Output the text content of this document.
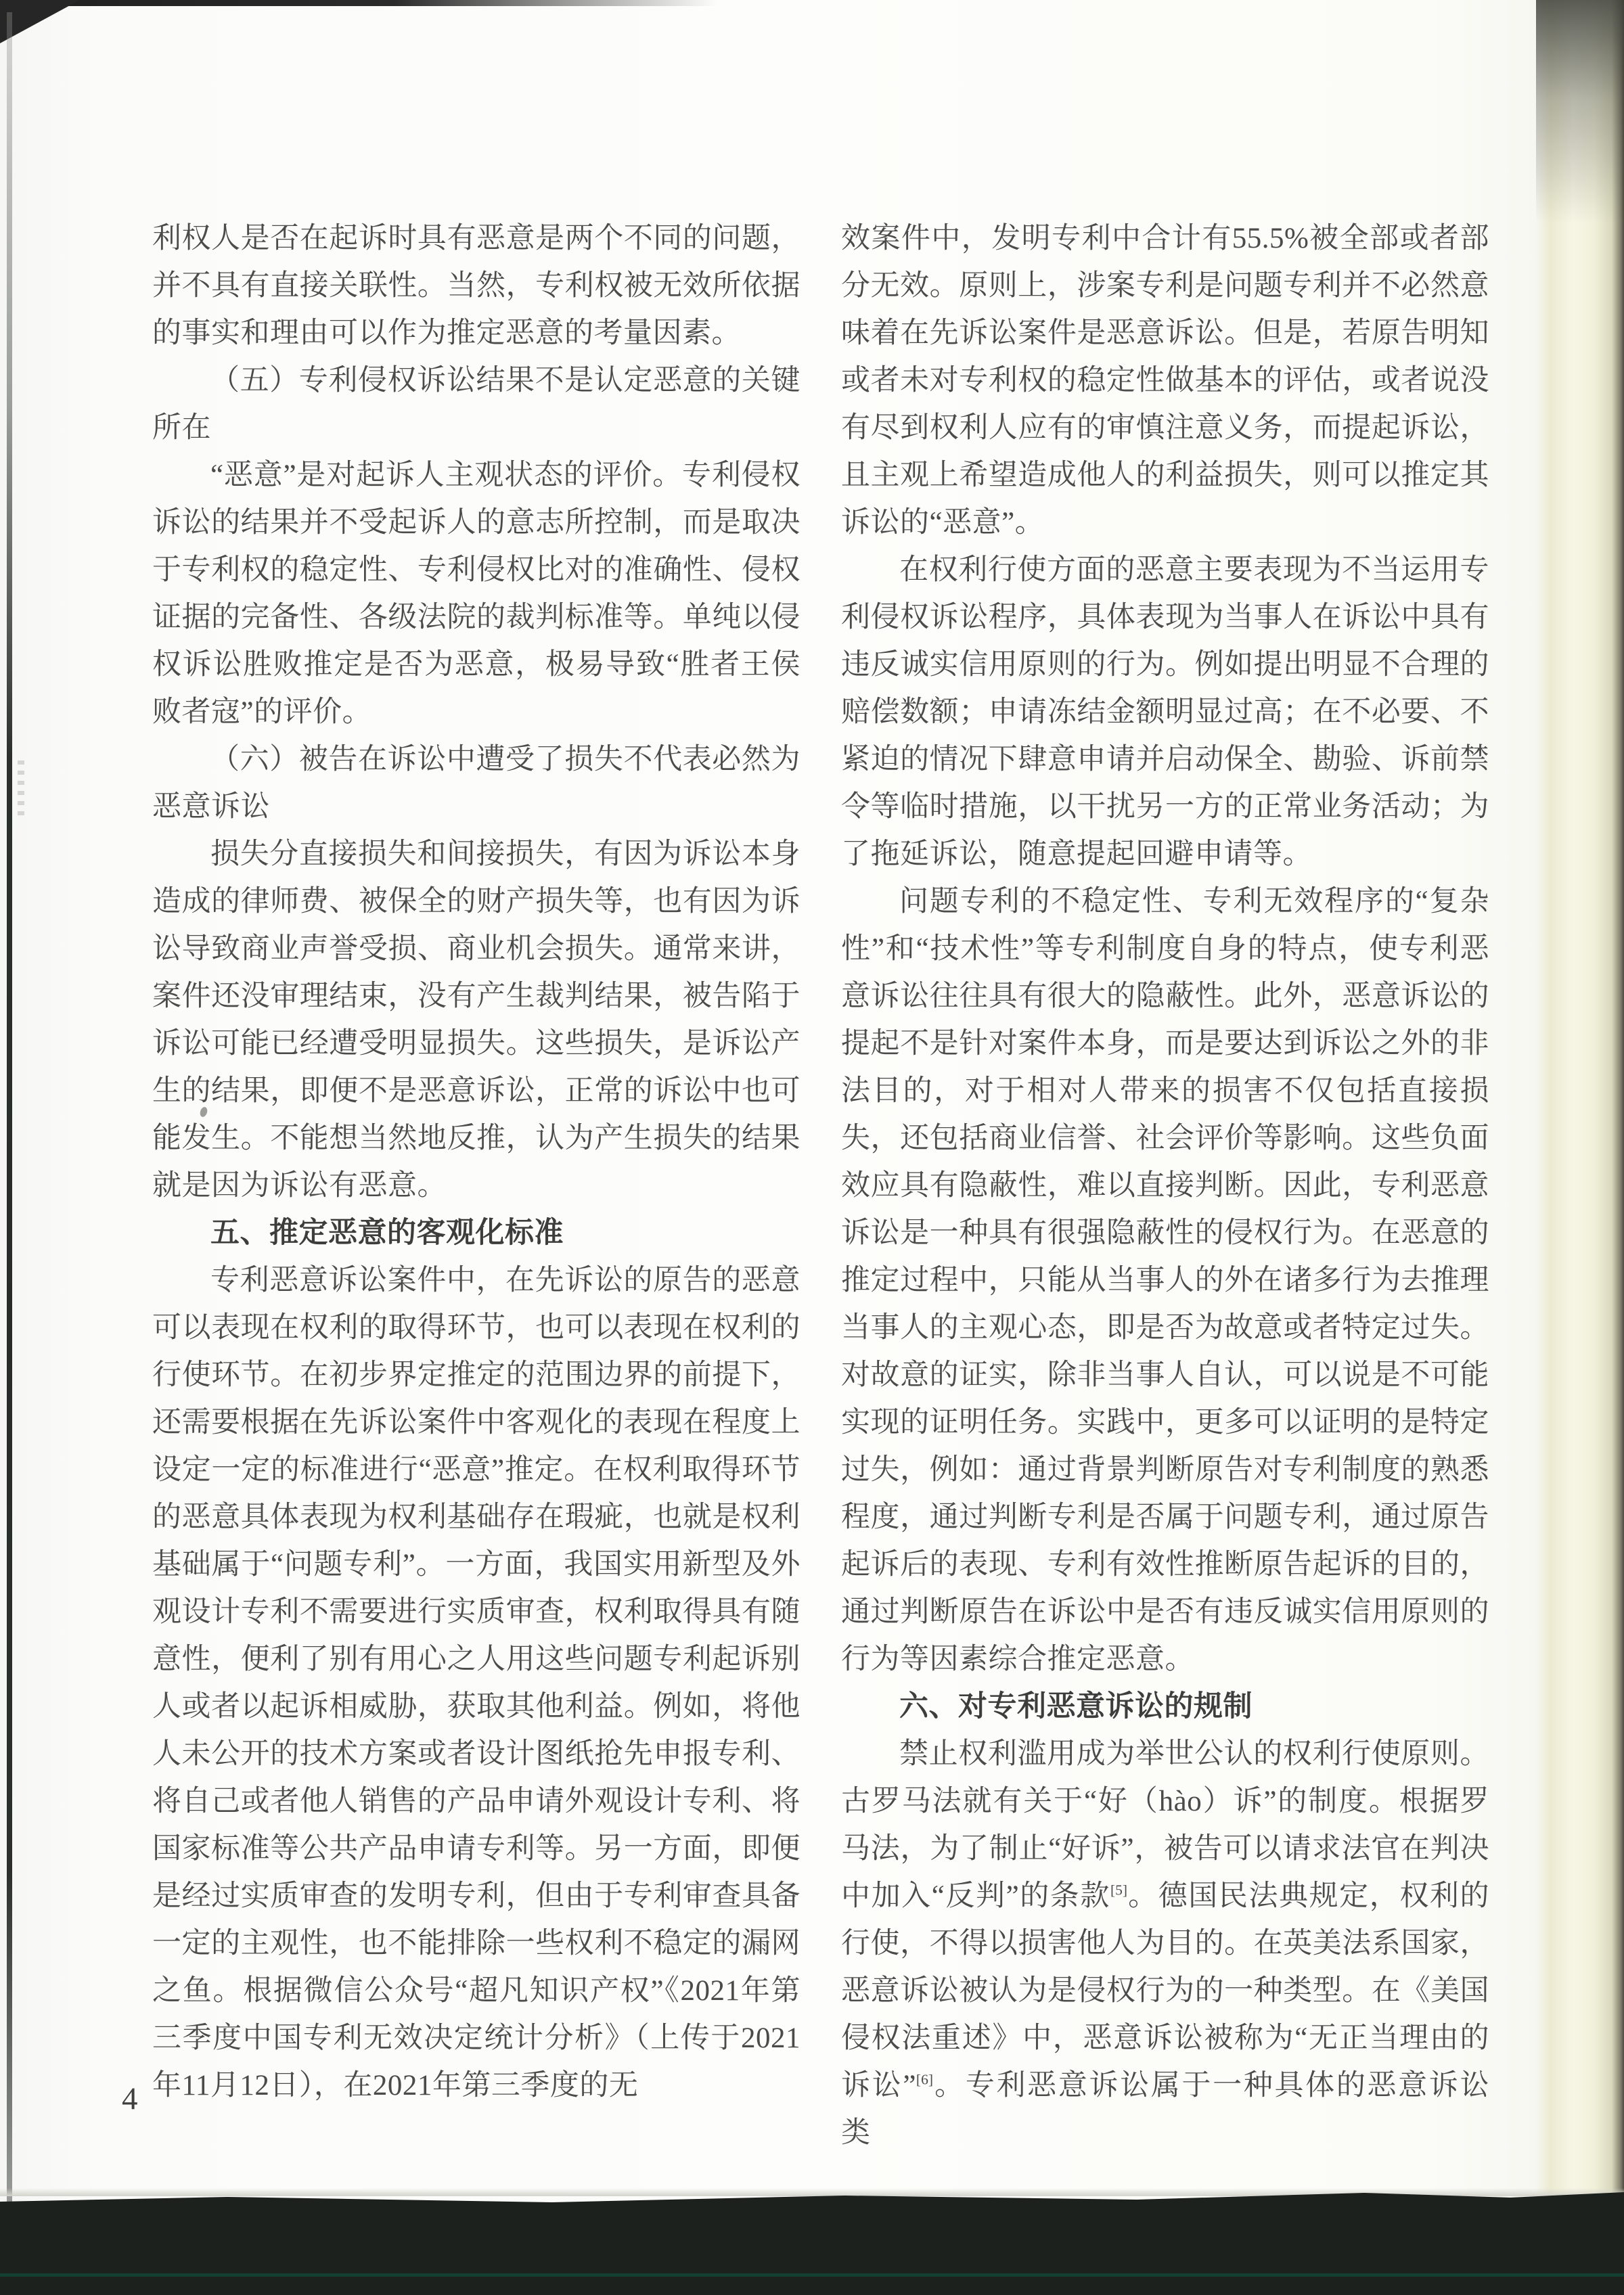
利权人是否在起诉时具有恶意是两个不同的问题，并不具有直接关联性。当然，专利权被无效所依据的事实和理由可以作为推定恶意的考量因素。

（五）专利侵权诉讼结果不是认定恶意的关键所在

“恶意”是对起诉人主观状态的评价。专利侵权诉讼的结果并不受起诉人的意志所控制，而是取决于专利权的稳定性、专利侵权比对的准确性、侵权证据的完备性、各级法院的裁判标准等。单纯以侵权诉讼胜败推定是否为恶意，极易导致“胜者王侯败者寇”的评价。

（六）被告在诉讼中遭受了损失不代表必然为恶意诉讼

损失分直接损失和间接损失，有因为诉讼本身造成的律师费、被保全的财产损失等，也有因为诉讼导致商业声誉受损、商业机会损失。通常来讲，案件还没审理结束，没有产生裁判结果，被告陷于诉讼可能已经遭受明显损失。这些损失，是诉讼产生的结果，即便不是恶意诉讼，正常的诉讼中也可能发生。不能想当然地反推，认为产生损失的结果就是因为诉讼有恶意。

五、推定恶意的客观化标准

专利恶意诉讼案件中，在先诉讼的原告的恶意可以表现在权利的取得环节，也可以表现在权利的行使环节。在初步界定推定的范围边界的前提下，还需要根据在先诉讼案件中客观化的表现在程度上设定一定的标准进行“恶意”推定。在权利取得环节的恶意具体表现为权利基础存在瑕疵，也就是权利基础属于“问题专利”。一方面，我国实用新型及外观设计专利不需要进行实质审查，权利取得具有随意性，便利了别有用心之人用这些问题专利起诉别人或者以起诉相威胁，获取其他利益。例如，将他人未公开的技术方案或者设计图纸抢先申报专利、将自己或者他人销售的产品申请外观设计专利、将国家标准等公共产品申请专利等。另一方面，即便是经过实质审查的发明专利，但由于专利审查具备一定的主观性，也不能排除一些权利不稳定的漏网之鱼。根据微信公众号“超凡知识产权”《2021年第三季度中国专利无效决定统计分析》（上传于2021年11月12日），在2021年第三季度的无

效案件中，发明专利中合计有55.5%被全部或者部分无效。原则上，涉案专利是问题专利并不必然意味着在先诉讼案件是恶意诉讼。但是，若原告明知或者未对专利权的稳定性做基本的评估，或者说没有尽到权利人应有的审慎注意义务，而提起诉讼，且主观上希望造成他人的利益损失，则可以推定其诉讼的“恶意”。

在权利行使方面的恶意主要表现为不当运用专利侵权诉讼程序，具体表现为当事人在诉讼中具有违反诚实信用原则的行为。例如提出明显不合理的赔偿数额；申请冻结金额明显过高；在不必要、不紧迫的情况下肆意申请并启动保全、勘验、诉前禁令等临时措施，以干扰另一方的正常业务活动；为了拖延诉讼，随意提起回避申请等。

问题专利的不稳定性、专利无效程序的“复杂性”和“技术性”等专利制度自身的特点，使专利恶意诉讼往往具有很大的隐蔽性。此外，恶意诉讼的提起不是针对案件本身，而是要达到诉讼之外的非法目的，对于相对人带来的损害不仅包括直接损失，还包括商业信誉、社会评价等影响。这些负面效应具有隐蔽性，难以直接判断。因此，专利恶意诉讼是一种具有很强隐蔽性的侵权行为。在恶意的推定过程中，只能从当事人的外在诸多行为去推理当事人的主观心态，即是否为故意或者特定过失。对故意的证实，除非当事人自认，可以说是不可能实现的证明任务。实践中，更多可以证明的是特定过失，例如：通过背景判断原告对专利制度的熟悉程度，通过判断专利是否属于问题专利，通过原告起诉后的表现、专利有效性推断原告起诉的目的，通过判断原告在诉讼中是否有违反诚实信用原则的行为等因素综合推定恶意。

六、对专利恶意诉讼的规制

禁止权利滥用成为举世公认的权利行使原则。古罗马法就有关于“好（hào）诉”的制度。根据罗马法，为了制止“好诉”，被告可以请求法官在判决中加入“反判”的条款[5]。德国民法典规定，权利的行使，不得以损害他人为目的。在英美法系国家，恶意诉讼被认为是侵权行为的一种类型。在《美国侵权法重述》中，恶意诉讼被称为“无正当理由的诉讼”[6]。专利恶意诉讼属于一种具体的恶意诉讼类

4
